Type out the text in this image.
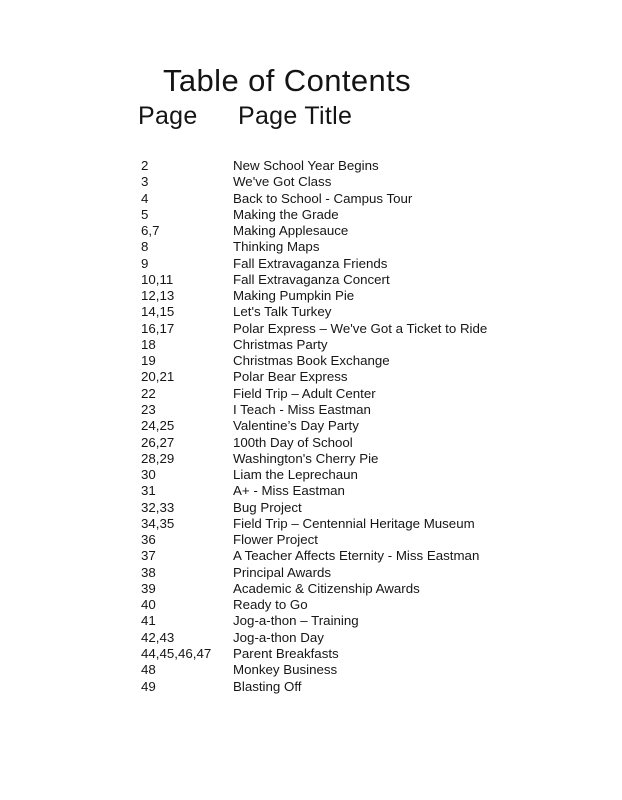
Table of Contents
Page Page Title
2	New School Year Begins
3	We've Got Class
4	Back to School - Campus Tour
5	Making the Grade
6,7	Making Applesauce
8	Thinking Maps
9	Fall Extravaganza Friends
10,11	Fall Extravaganza Concert
12,13	Making Pumpkin Pie
14,15	Let's Talk Turkey
16,17	Polar Express – We've Got a Ticket to Ride
18	Christmas Party
19	Christmas Book Exchange
20,21	Polar Bear Express
22	Field Trip – Adult Center
23	I Teach - Miss Eastman
24,25	Valentine’s Day Party
26,27	100th Day of School
28,29	Washington's Cherry Pie
30	Liam the Leprechaun
31	A+ - Miss Eastman
32,33	Bug Project
34,35	Field Trip – Centennial Heritage Museum
36	Flower Project
37	A Teacher Affects Eternity - Miss Eastman
38	Principal Awards
39	Academic & Citizenship Awards
40	Ready to Go
41	Jog-a-thon – Training
42,43	Jog-a-thon Day
44,45,46,47	Parent Breakfasts
48	Monkey Business
49	Blasting Off
